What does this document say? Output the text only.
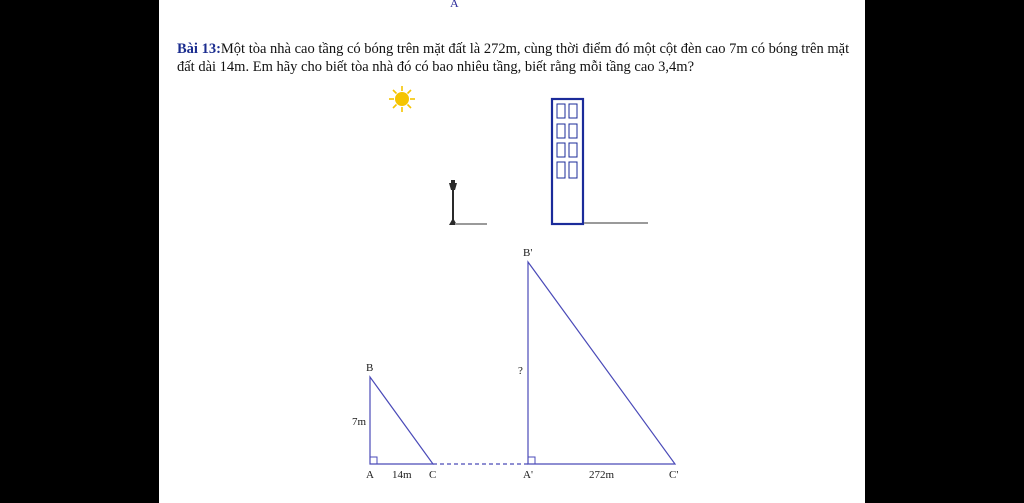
A
Bài 13:Một tòa nhà cao tầng có bóng trên mặt đất là 272m, cùng thời điểm đó một cột đèn cao 7m có bóng trên mặt đất dài 14m. Em hãy cho biết tòa nhà đó có bao nhiêu tầng, biết rằng mỗi tầng cao 3,4m?
B
7m
A 14m C
B'
?
A'	272m	C'
